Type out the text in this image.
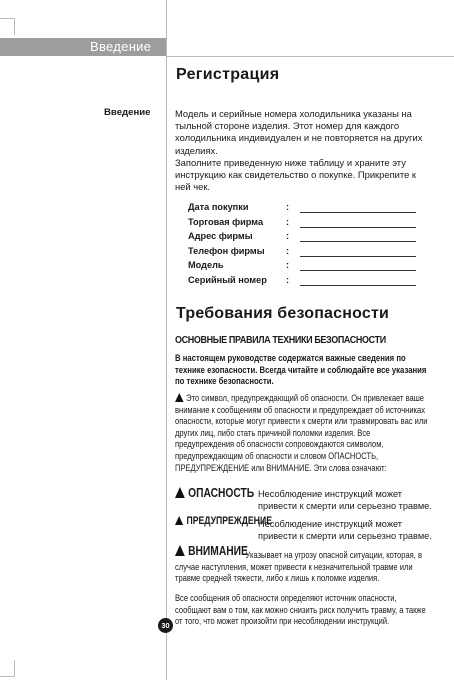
Введение
Регистрация
Введение	Модель и серийные номера холодильника указаны на тыльной стороне изделия. Этот номер для каждого холодильника индивидуален и не повторяется на других изделиях.
Заполните приведенную ниже таблицу и храните эту инструкцию как свидетельство о покупке. Прикрепите к ней чек.
Дата покупки	:
Торговая фирма :
Адрес фирмы	:
Телефон фирмы :
Модель	:
Серийный номер :
Требования безопасности
ОСНОВНЫЕ ПРАВИЛА ТЕХНИКИ БЕЗОПАСНОСТИ
В настоящем руководстве содержатся важные сведения по технике езопасности. Всегда читайте и соблюдайте все указания по технике безопасности.
Это символ, предупреждающий об опасности. Он привлекает ваше внимание к сообщениям об опасности и предупреждает об источниках опасности, которые могут привести к смерти или травмировать вас или других лиц, либо стать причиной поломки изделия. Все предупреждения об опасности сопровождаются символом, предупреждающим об опасности и словом ОПАСНОСТЬ, ПРЕДУПРЕЖДЕНИЕ или ВНИМАНИЕ. Эти слова означают:
ОПАСНОСТЬ Несоблюдение инструкций может привести к смерти или серьезно травме.
ПРЕДУПРЕЖДЕНИЕ
Несоблюдение инструкций может привести к смерти или серьезно травме.
ВНИМАНИЕ
Указывает на угрозу опасной ситуации, которая, в случае наступления, может привести к незначительной травме или травме средней тяжести, либо к лишь к поломке изделия.
Все сообщения об опасности определяют источник опасности, сообщают вам о том, как можно снизить риск получить травму, а также от того, что может произойти при несоблюдении инструкций.
30
